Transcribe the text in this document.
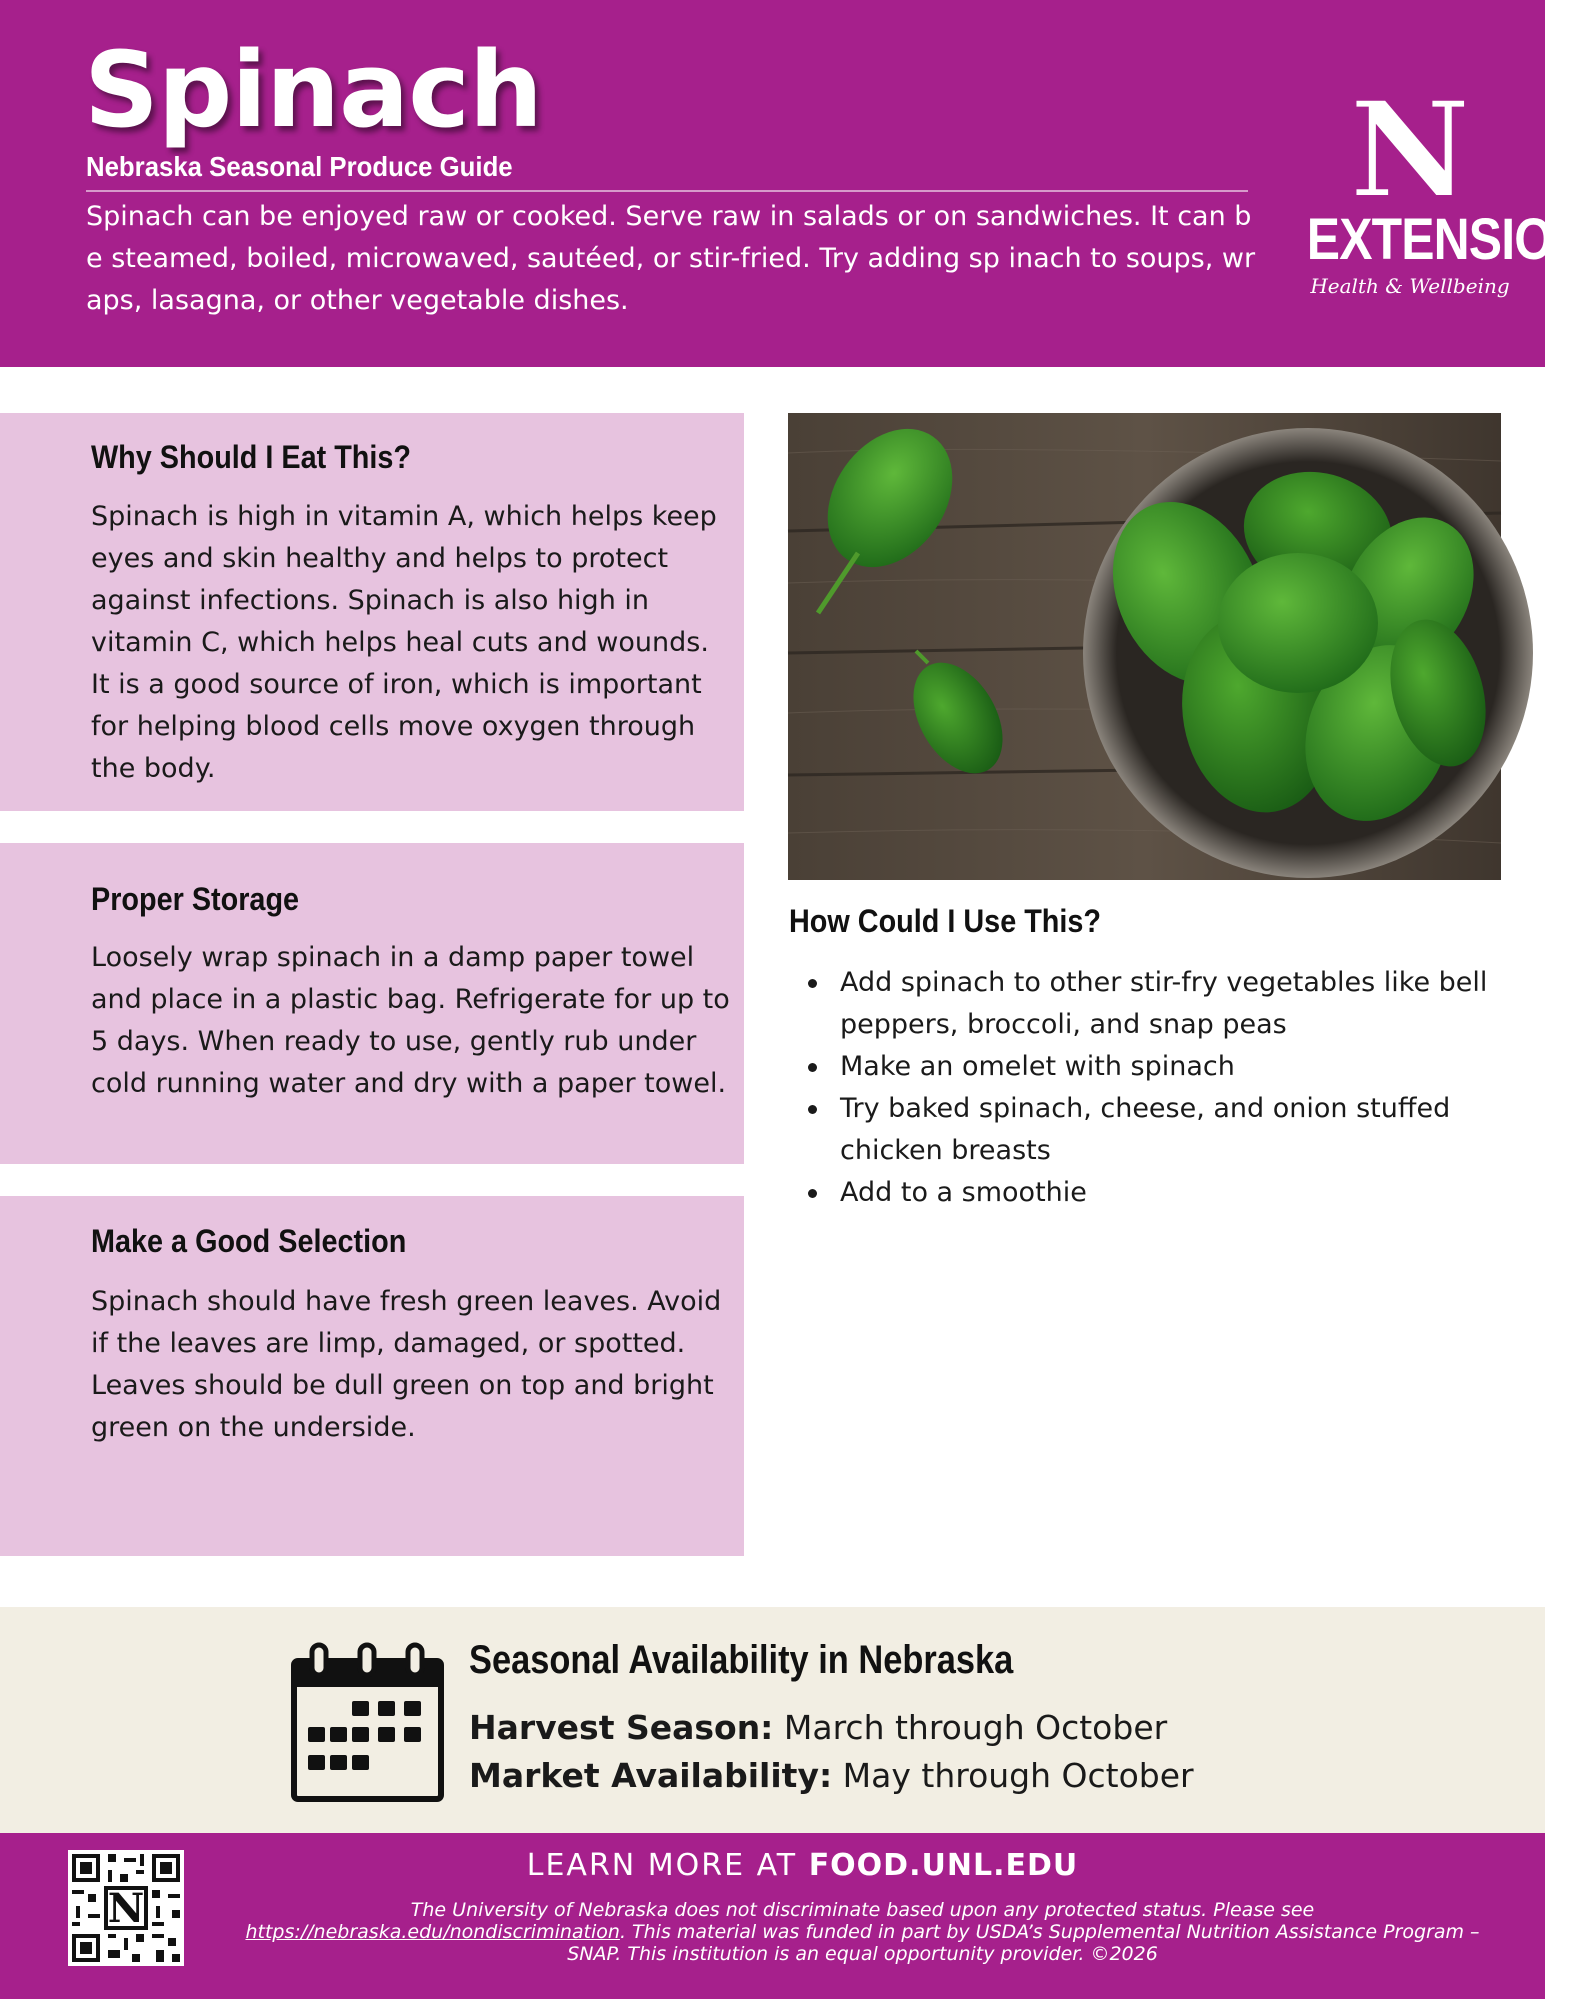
Spinach
Nebraska Seasonal Produce Guide
Spinach can be enjoyed raw or cooked. Serve raw in salads or on sandwiches. It can be steamed, boiled, microwaved, sautéed, or stir-fried. Try adding sp inach to soups, wraps, lasagna, or other vegetable dishes.
N
EXTENSION
Health & Wellbeing
Why Should I Eat This?

Spinach is high in vitamin A, which helps keep eyes and skin healthy and helps to protect against infections. Spinach is also high in vitamin C, which helps heal cuts and wounds. It is a good source of iron, which is important for helping blood cells move oxygen through the body.

Proper Storage

Loosely wrap spinach in a damp paper towel and place in a plastic bag. Refrigerate for up to 5 days. When ready to use, gently rub under cold running water and dry with a paper towel.

Make a Good Selection

Spinach should have fresh green leaves. Avoid if the leaves are limp, damaged, or spotted. Leaves should be dull green on top and bright green on the underside.

How Could I Use This?
Add spinach to other stir-fry vegetables like bell peppers, broccoli, and snap peas
Make an omelet with spinach
Try baked spinach, cheese, and onion stuffed chicken breasts
Add to a smoothie
Seasonal Availability in Nebraska
Harvest Season: March through October
Market Availability: May through October
N
LEARN MORE AT FOOD.UNL.EDU
The University of Nebraska does not discriminate based upon any protected status. Please see
https://nebraska.edu/nondiscrimination. This material was funded in part by USDA’s Supplemental Nutrition Assistance Program – SNAP. This institution is an equal opportunity provider. ©2026
